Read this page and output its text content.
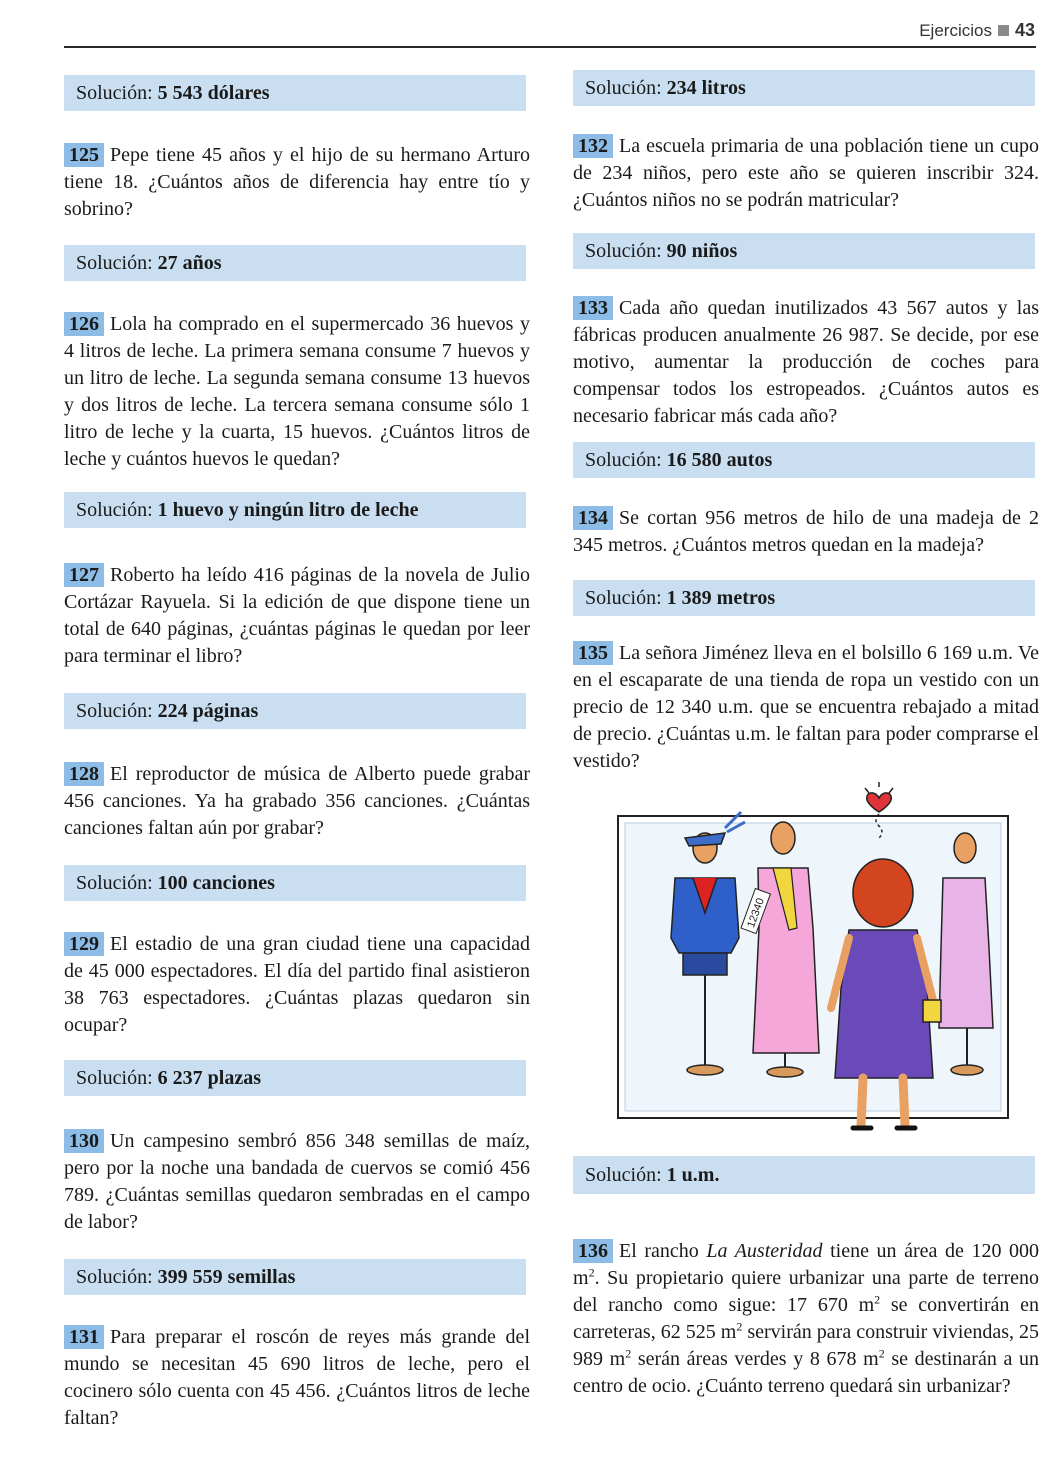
Ejercicios 43
Solución: 5 543 dólares
125 Pepe tiene 45 años y el hijo de su hermano Arturo tiene 18. ¿Cuántos años de diferencia hay entre tío y sobrino?
Solución: 27 años
126 Lola ha comprado en el supermercado 36 huevos y 4 litros de leche. La primera semana consume 7 huevos y un litro de leche. La segunda semana consume 13 huevos y dos litros de leche. La tercera semana consume sólo 1 litro de leche y la cuarta, 15 huevos. ¿Cuántos litros de leche y cuántos huevos le quedan?
Solución: 1 huevo y ningún litro de leche
127 Roberto ha leído 416 páginas de la novela de Julio Cortázar Rayuela. Si la edición de que dispone tiene un total de 640 páginas, ¿cuántas páginas le quedan por leer para terminar el libro?
Solución: 224 páginas
128 El reproductor de música de Alberto puede grabar 456 canciones. Ya ha grabado 356 canciones. ¿Cuántas canciones faltan aún por grabar?
Solución: 100 canciones
129 El estadio de una gran ciudad tiene una capacidad de 45 000 espectadores. El día del partido final asistieron 38 763 espectadores. ¿Cuántas plazas quedaron sin ocupar?
Solución: 6 237 plazas
130 Un campesino sembró 856 348 semillas de maíz, pero por la noche una bandada de cuervos se comió 456 789. ¿Cuántas semillas quedaron sembradas en el campo de labor?
Solución: 399 559 semillas
131 Para preparar el roscón de reyes más grande del mundo se necesitan 45 690 litros de leche, pero el cocinero sólo cuenta con 45 456. ¿Cuántos litros de leche faltan?
Solución: 234 litros
132 La escuela primaria de una población tiene un cupo de 234 niños, pero este año se quieren inscribir 324. ¿Cuántos niños no se podrán matricular?
Solución: 90 niños
133 Cada año quedan inutilizados 43 567 autos y las fábricas producen anualmente 26 987. Se decide, por ese motivo, aumentar la producción de coches para compensar todos los estropeados. ¿Cuántos autos es necesario fabricar más cada año?
Solución: 16 580 autos
134 Se cortan 956 metros de hilo de una madeja de 2 345 metros. ¿Cuántos metros quedan en la madeja?
Solución: 1 389 metros
135 La señora Jiménez lleva en el bolsillo 6 169 u.m. Ve en el escaparate de una tienda de ropa un vestido con un precio de 12 340 u.m. que se encuentra rebajado a mitad de precio. ¿Cuántas u.m. le faltan para poder comprarse el vestido?
12340
Solución: 1 u.m.
136 El rancho La Austeridad tiene un área de 120 000 $m^2$. Su propietario quiere urbanizar una parte de terreno del rancho como sigue: 17 670 $m^2$ se convertirán en carreteras, 62 525 $m^2$ servirán para construir viviendas, 25 989 $m^2$ serán áreas verdes y 8 678 $m^2$ se destinarán a un centro de ocio. ¿Cuánto terreno quedará sin urbanizar?
